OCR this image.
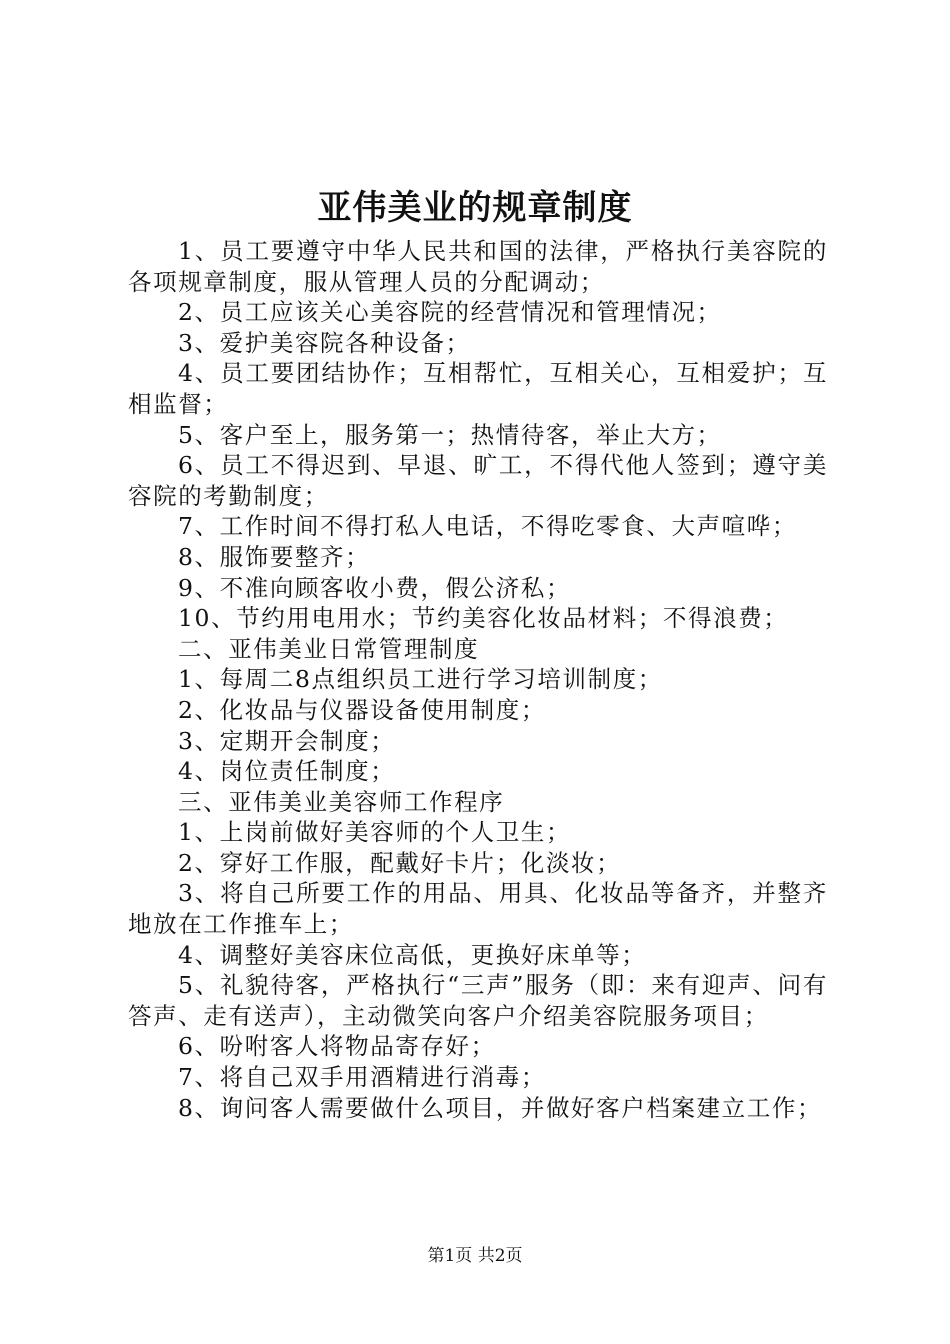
亚伟美业的规章制度

1、员工要遵守中华人民共和国的法律，严格执行美容院的各项规章制度，服从管理人员的分配调动；

2、员工应该关心美容院的经营情况和管理情况；

3、爱护美容院各种设备；

4、员工要团结协作；互相帮忙，互相关心，互相爱护；互相监督；

5、客户至上，服务第一；热情待客，举止大方；

6、员工不得迟到、早退、旷工，不得代他人签到；遵守美容院的考勤制度；

7、工作时间不得打私人电话，不得吃零食、大声喧哗；

8、服饰要整齐；

9、不准向顾客收小费，假公济私；

10、节约用电用水；节约美容化妆品材料；不得浪费；

二、亚伟美业日常管理制度

1、每周二8点组织员工进行学习培训制度；

2、化妆品与仪器设备使用制度；

3、定期开会制度；

4、岗位责任制度；

三、亚伟美业美容师工作程序

1、上岗前做好美容师的个人卫生；

2、穿好工作服，配戴好卡片；化淡妆；

3、将自己所要工作的用品、用具、化妆品等备齐，并整齐地放在工作推车上；

4、调整好美容床位高低，更换好床单等；

5、礼貌待客，严格执行“三声”服务（即：来有迎声、问有答声、走有送声），主动微笑向客户介绍美容院服务项目；

6、吩咐客人将物品寄存好；

7、将自己双手用酒精进行消毒；

8、询问客人需要做什么项目，并做好客户档案建立工作；

第1页 共2页
